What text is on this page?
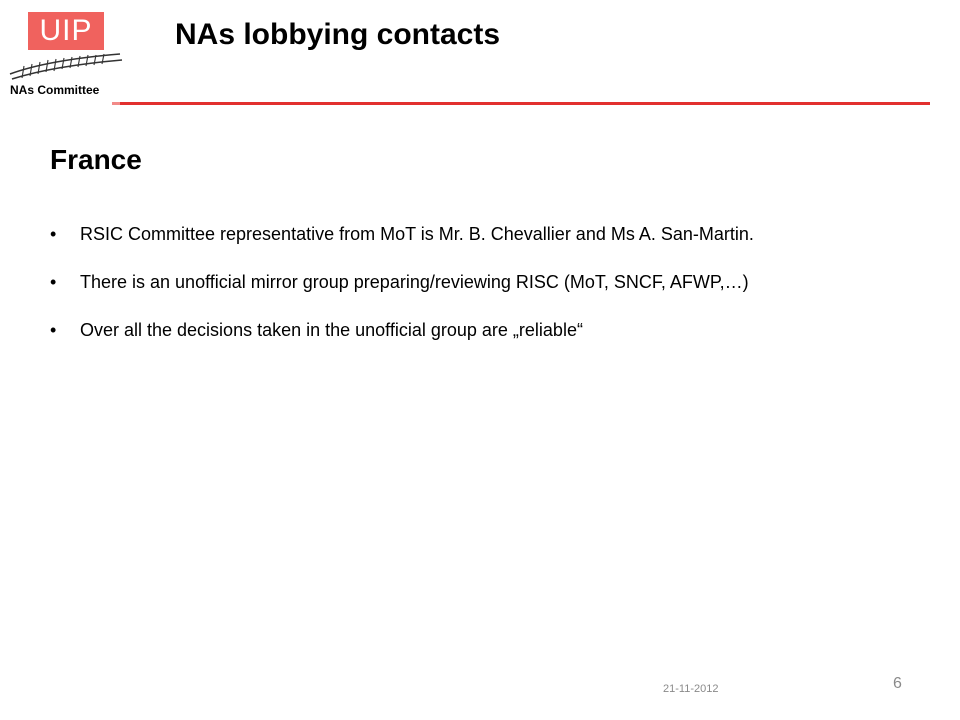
UIP
NAs Committee
NAs lobbying contacts
France
• RSIC Committee representative from MoT is Mr. B. Chevallier and Ms A. San-Martin.
• There is an unofficial mirror group preparing/reviewing RISC (MoT, SNCF, AFWP,…)
• Over all the decisions taken in the unofficial group are „reliable“
21-11-2012	6
